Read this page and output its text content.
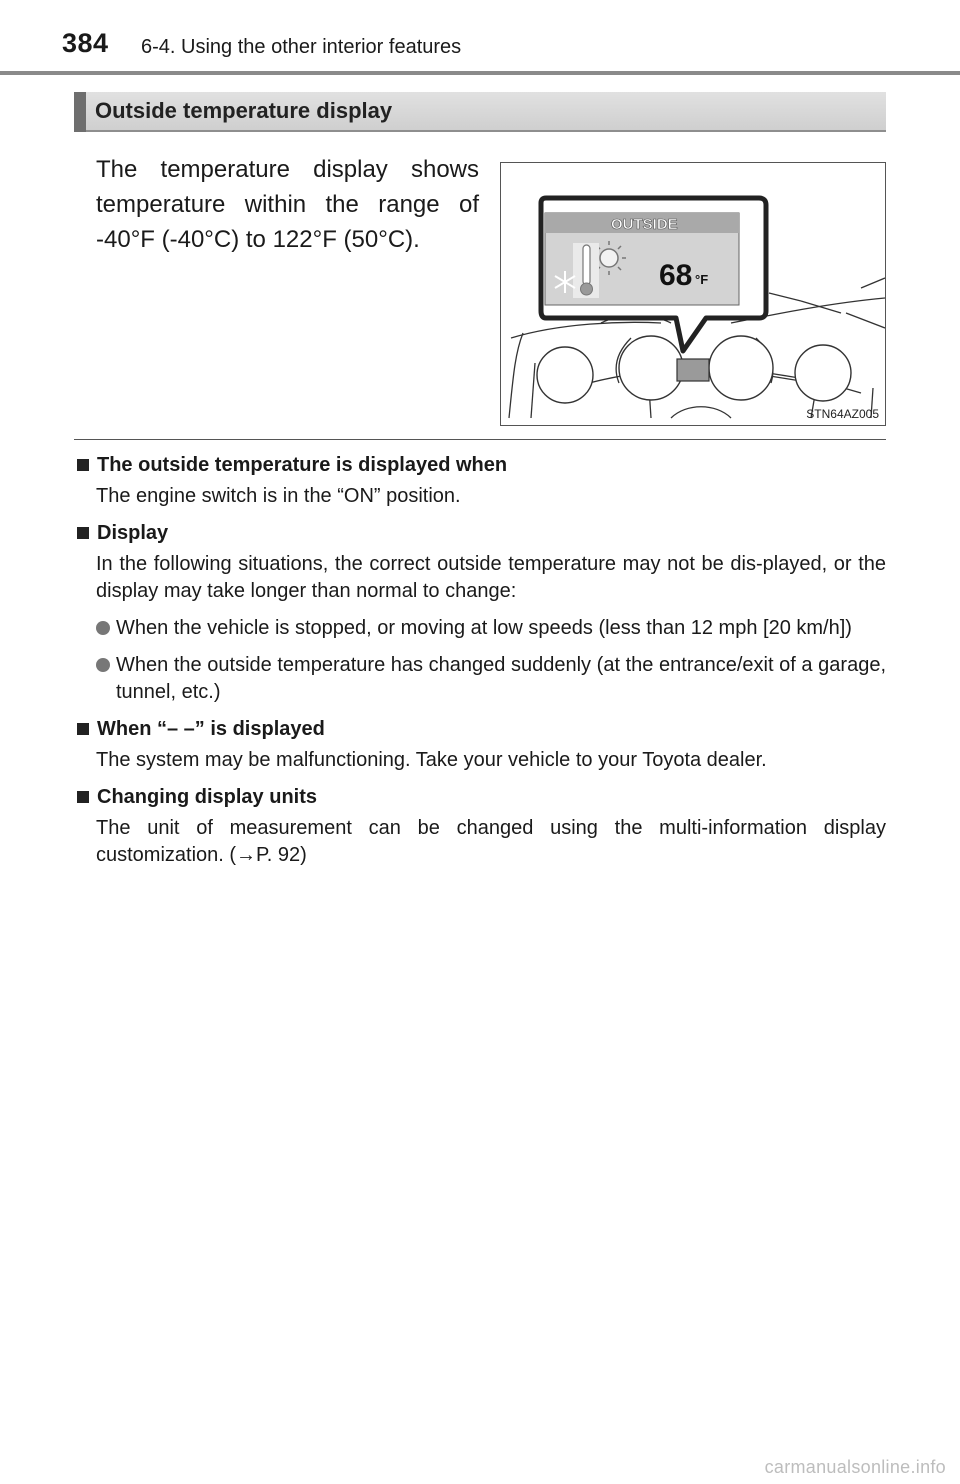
384 6-4. Using the other interior features
Outside temperature display
The temperature display shows temperature within the range of -40°F (-40°C) to 122°F (50°C).
OUTSIDE
68 °F
STN64AZ005
The outside temperature is displayed when
The engine switch is in the “ON” position.
Display
In the following situations, the correct outside temperature may not be dis-played, or the display may take longer than normal to change:
When the vehicle is stopped, or moving at low speeds (less than 12 mph [20 km/h])
When the outside temperature has changed suddenly (at the entrance/exit of a garage, tunnel, etc.)
When “– –” is displayed
The system may be malfunctioning. Take your vehicle to your Toyota dealer.
Changing display units
The unit of measurement can be changed using the multi-information display customization. (→P. 92)
carmanualsonline.info
